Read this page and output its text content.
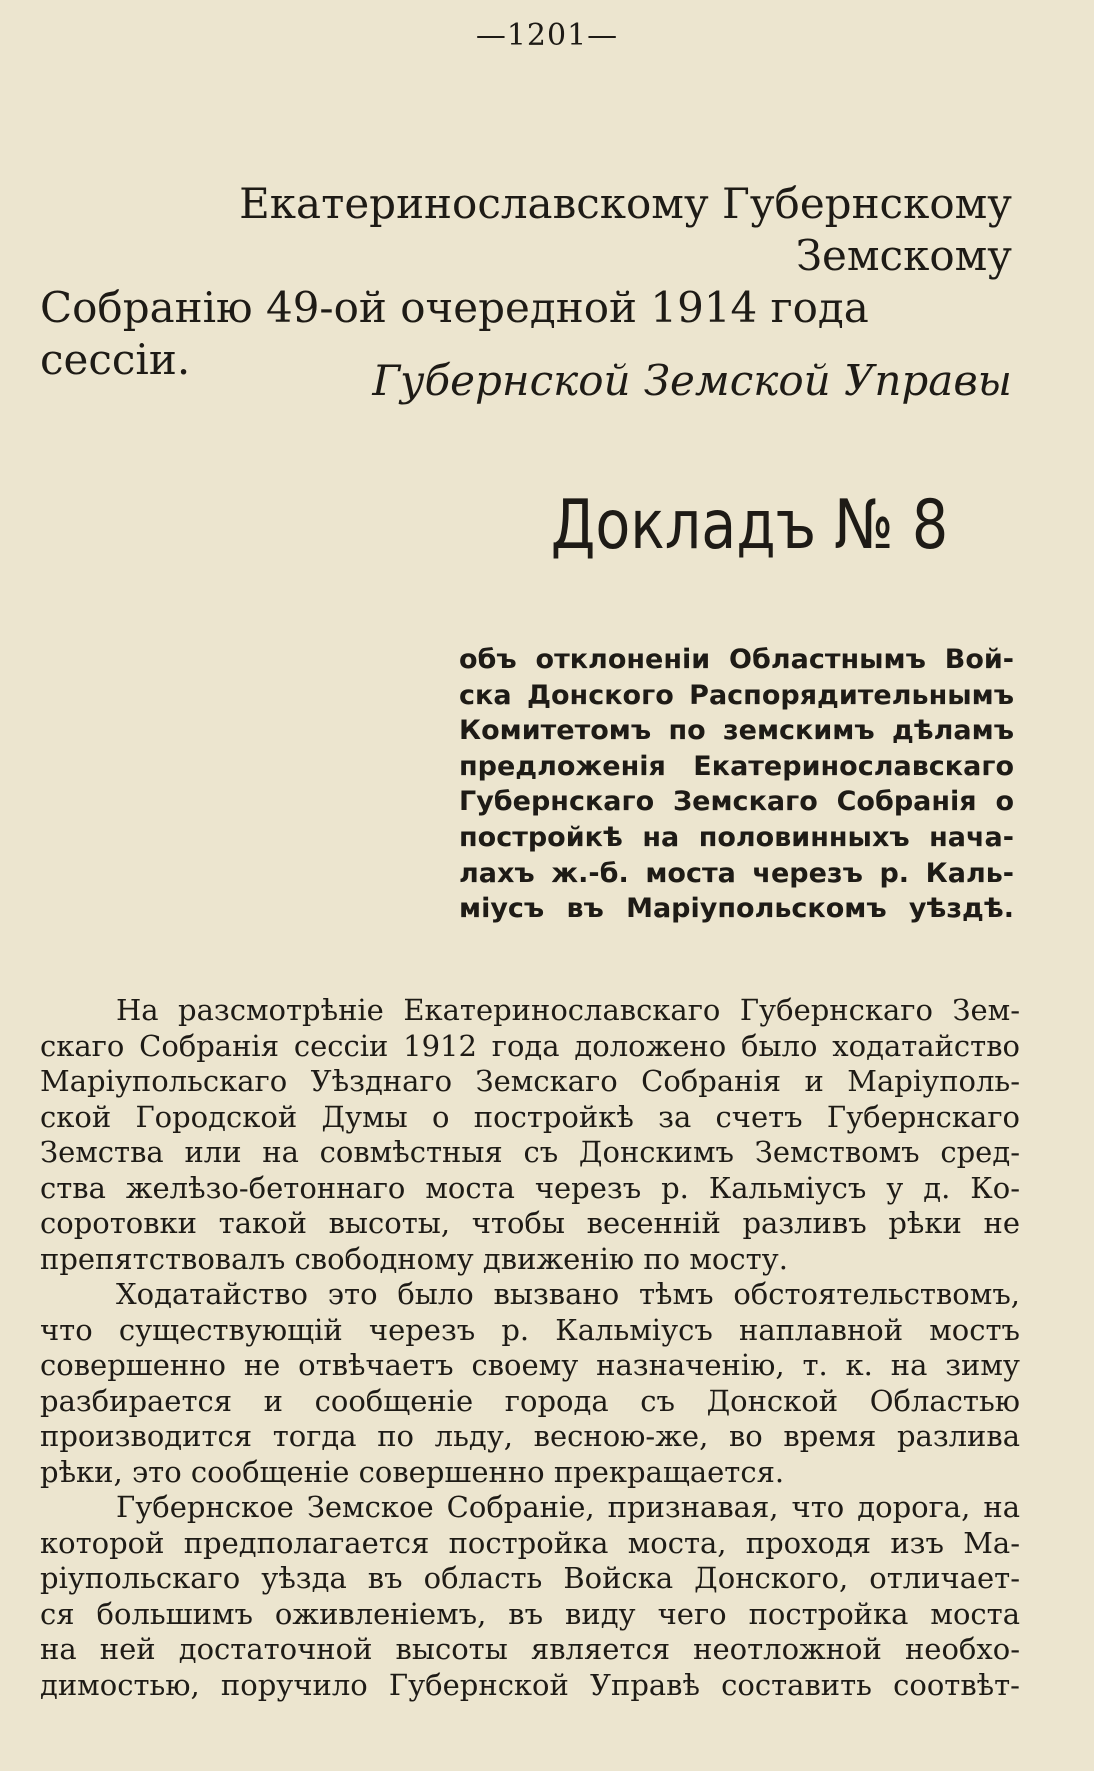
—1201—
Екатеринославскому Губернскому Земскому
Собранію 49-ой очередной 1914 года сессіи.	Губернской Земской Управы
Докладъ № 8
объ отклоненіи Областнымъ Вой-
ска Донского Распорядительнымъ
Комитетомъ по земскимъ дѣламъ
предложенія Екатеринославскаго
Губернскаго Земскаго Собранія о
постройкѣ на половинныхъ нача-
лахъ ж.-б. моста черезъ р. Каль-
міусъ въ Маріупольскомъ уѣздѣ.
На разсмотрѣніе Екатеринославскаго Губернскаго Зем-
скаго Собранія сессіи 1912 года доложено было ходатайство
Маріупольскаго Уѣзднаго Земскаго Собранія и Маріуполь-
ской Городской Думы о постройкѣ за счетъ Губернскаго
Земства или на совмѣстныя съ Донскимъ Земствомъ сред-
ства желѣзо-бетоннаго моста черезъ р. Кальміусъ у д. Ко-
соротовки такой высоты, чтобы весенній разливъ рѣки не
препятствовалъ свободному движенію по мосту.
Ходатайство это было вызвано тѣмъ обстоятельствомъ,
что существующій черезъ р. Кальміусъ наплавной мостъ
совершенно не отвѣчаетъ своему назначенію, т. к. на зиму
разбирается и сообщеніе города съ Донской Областью
производится тогда по льду, весною-же, во время разлива
рѣки, это сообщеніе совершенно прекращается.
Губернское Земское Собраніе, признавая, что дорога, на
которой предполагается постройка моста, проходя изъ Ма-
ріупольскаго уѣзда въ область Войска Донского, отличает-
ся большимъ оживленіемъ, въ виду чего постройка моста
на ней достаточной высоты является неотложной необхо-
димостью, поручило Губернской Управѣ составить соотвѣт-
